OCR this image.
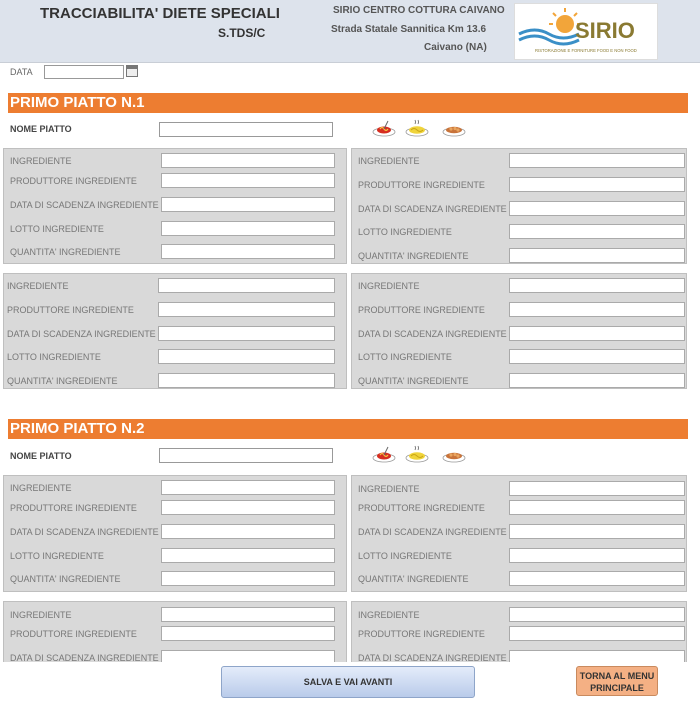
TRACCIABILITA' DIETE SPECIALI
S.TDS/C
SIRIO CENTRO COTTURA CAIVANO
Strada Statale Sannitica Km 13.6
Caivano (NA)
SIRIO
RISTORAZIONE E FORNITURE FOOD E NON FOOD
DATA
PRIMO PIATTO N.1
NOME PIATTO
INGREDIENTE
PRODUTTORE INGREDIENTE
DATA DI SCADENZA INGREDIENTE
LOTTO INGREDIENTE
QUANTITA' INGREDIENTE
INGREDIENTE
PRODUTTORE INGREDIENTE
DATA DI SCADENZA INGREDIENTE
LOTTO INGREDIENTE
QUANTITA' INGREDIENTE
INGREDIENTE
PRODUTTORE INGREDIENTE
DATA DI SCADENZA INGREDIENTE
LOTTO INGREDIENTE
QUANTITA' INGREDIENTE
INGREDIENTE
PRODUTTORE INGREDIENTE
DATA DI SCADENZA INGREDIENTE
LOTTO INGREDIENTE
QUANTITA' INGREDIENTE
PRIMO PIATTO N.2
NOME PIATTO
INGREDIENTE
PRODUTTORE INGREDIENTE
DATA DI SCADENZA INGREDIENTE
LOTTO INGREDIENTE
QUANTITA' INGREDIENTE
INGREDIENTE
PRODUTTORE INGREDIENTE
DATA DI SCADENZA INGREDIENTE
LOTTO INGREDIENTE
QUANTITA' INGREDIENTE
INGREDIENTE
PRODUTTORE INGREDIENTE
DATA DI SCADENZA INGREDIENTE
INGREDIENTE
PRODUTTORE INGREDIENTE
DATA DI SCADENZA INGREDIENTE
SALVA E VAI AVANTI
TORNA AL MENU
PRINCIPALE
